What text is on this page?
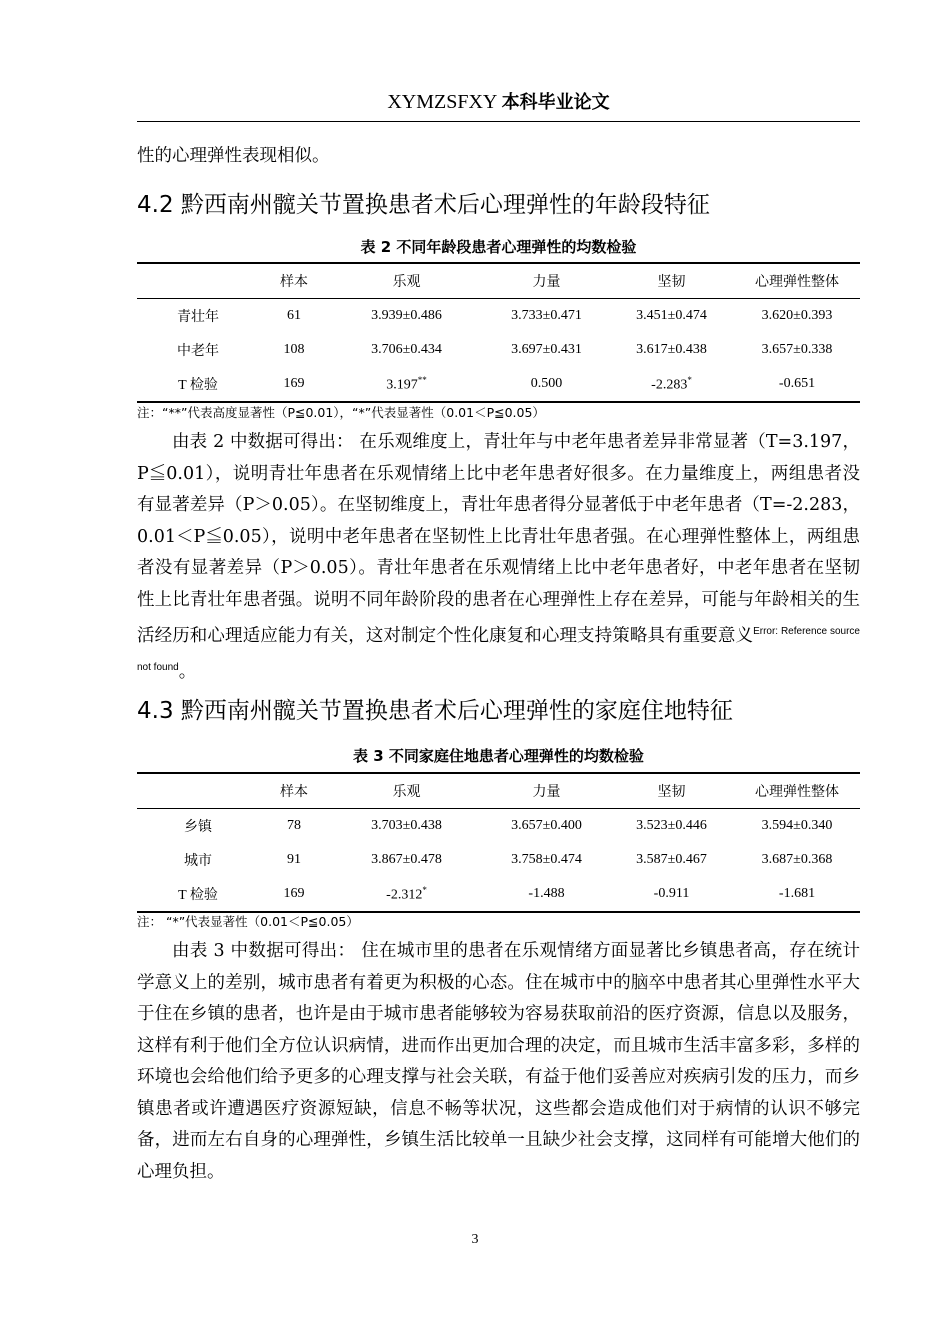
XYMZSFXY 本科毕业论文
性的心理弹性表现相似。
4.2 黔西南州髋关节置换患者术后心理弹性的年龄段特征
表 2 不同年龄段患者心理弹性的均数检验
	样本	乐观	力量	坚韧	心理弹性整体
青壮年	61	3.939±0.486	3.733±0.471	3.451±0.474	3.620±0.393
中老年	108	3.706±0.434	3.697±0.431	3.617±0.438	3.657±0.338
T 检验	169	3.197**	0.500	-2.283*	-0.651
注：“**”代表高度显著性（P≦0.01），“*”代表显著性（0.01＜P≦0.05）
由表 2 中数据可得出： 在乐观维度上，青壮年与中老年患者差异非常显著（T=3.197，P≦0.01），说明青壮年患者在乐观情绪上比中老年患者好很多。在力量维度上，两组患者没有显著差异（P＞0.05）。在坚韧维度上，青壮年患者得分显著低于中老年患者（T=-2.283，0.01＜P≦0.05），说明中老年患者在坚韧性上比青壮年患者强。在心理弹性整体上，两组患者没有显著差异（P＞0.05）。青壮年患者在乐观情绪上比中老年患者好，中老年患者在坚韧性上比青壮年患者强。说明不同年龄阶段的患者在心理弹性上存在差异，可能与年龄相关的生活经历和心理适应能力有关，这对制定个性化康复和心理支持策略具有重要意义$^{Error: Reference source not found}$。
4.3 黔西南州髋关节置换患者术后心理弹性的家庭住地特征
表 3 不同家庭住地患者心理弹性的均数检验
	样本	乐观	力量	坚韧	心理弹性整体
乡镇	78	3.703±0.438	3.657±0.400	3.523±0.446	3.594±0.340
城市	91	3.867±0.478	3.758±0.474	3.587±0.467	3.687±0.368
T 检验	169	-2.312*	-1.488	-0.911	-1.681
注： “*”代表显著性（0.01＜P≦0.05）
由表 3 中数据可得出： 住在城市里的患者在乐观情绪方面显著比乡镇患者高，存在统计学意义上的差别，城市患者有着更为积极的心态。住在城市中的脑卒中患者其心里弹性水平大于住在乡镇的患者，也许是由于城市患者能够较为容易获取前沿的医疗资源，信息以及服务，这样有利于他们全方位认识病情，进而作出更加合理的决定，而且城市生活丰富多彩，多样的环境也会给他们给予更多的心理支撑与社会关联，有益于他们妥善应对疾病引发的压力，而乡镇患者或许遭遇医疗资源短缺，信息不畅等状况，这些都会造成他们对于病情的认识不够完备，进而左右自身的心理弹性，乡镇生活比较单一且缺少社会支撑，这同样有可能增大他们的心理负担。
3
